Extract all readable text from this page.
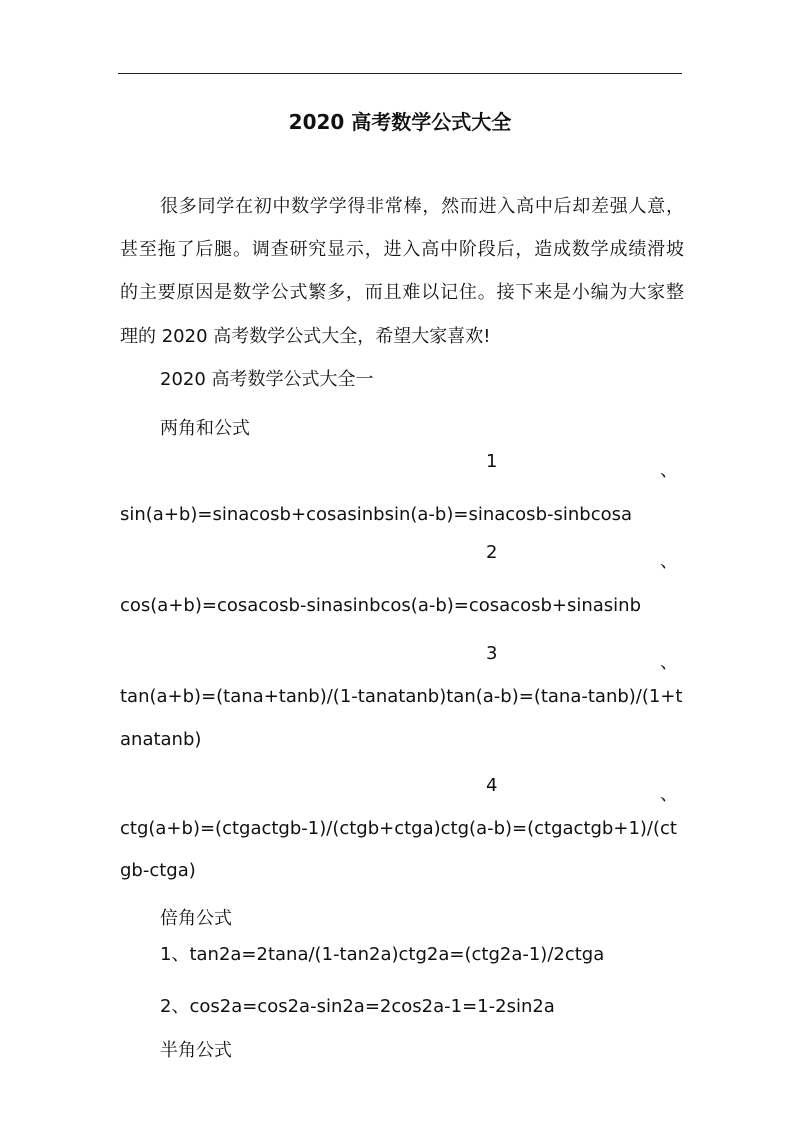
2020 高考数学公式大全
很多同学在初中数学学得非常棒，然而进入高中后却差强人意，
甚至拖了后腿。调查研究显示，进入高中阶段后，造成数学成绩滑坡
的主要原因是数学公式繁多，而且难以记住。接下来是小编为大家整
理的 2020 高考数学公式大全，希望大家喜欢!
2020 高考数学公式大全一
两角和公式
1	、
sin(a+b)=sinacosb+cosasinbsin(a-b)=sinacosb-sinbcosa
2	、
cos(a+b)=cosacosb-sinasinbcos(a-b)=cosacosb+sinasinb
3	、
tan(a+b)=(tana+tanb)/(1-tanatanb)tan(a-b)=(tana-tanb)/(1+t
anatanb)
4	、
ctg(a+b)=(ctgactgb-1)/(ctgb+ctga)ctg(a-b)=(ctgactgb+1)/(ct
gb-ctga)
倍角公式
1、tan2a=2tana/(1-tan2a)ctg2a=(ctg2a-1)/2ctga
2、cos2a=cos2a-sin2a=2cos2a-1=1-2sin2a
半角公式
